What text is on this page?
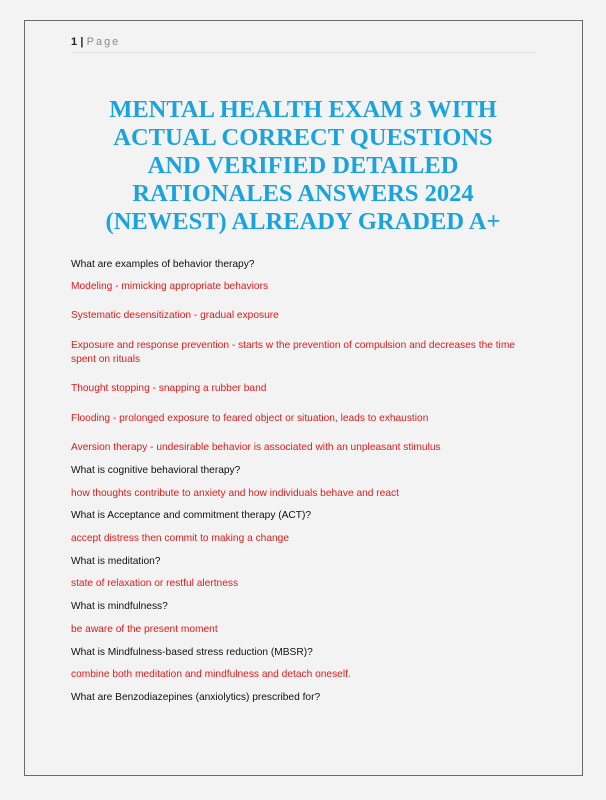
1 | Page
MENTAL HEALTH EXAM 3 WITH ACTUAL CORRECT QUESTIONS AND VERIFIED DETAILED RATIONALES ANSWERS 2024 (NEWEST) ALREADY GRADED A+
What are examples of behavior therapy?
Modeling - mimicking appropriate behaviors
Systematic desensitization - gradual exposure
Exposure and response prevention - starts w the prevention of compulsion and decreases the time spent on rituals
Thought stopping - snapping a rubber band
Flooding - prolonged exposure to feared object or situation, leads to exhaustion
Aversion therapy - undesirable behavior is associated with an unpleasant stimulus
What is cognitive behavioral therapy?
how thoughts contribute to anxiety and how individuals behave and react
What is Acceptance and commitment therapy (ACT)?
accept distress then commit to making a change
What is meditation?
state of relaxation or restful alertness
What is mindfulness?
be aware of the present moment
What is Mindfulness-based stress reduction (MBSR)?
combine both meditation and mindfulness and detach oneself.
What are Benzodiazepines (anxiolytics) prescribed for?
